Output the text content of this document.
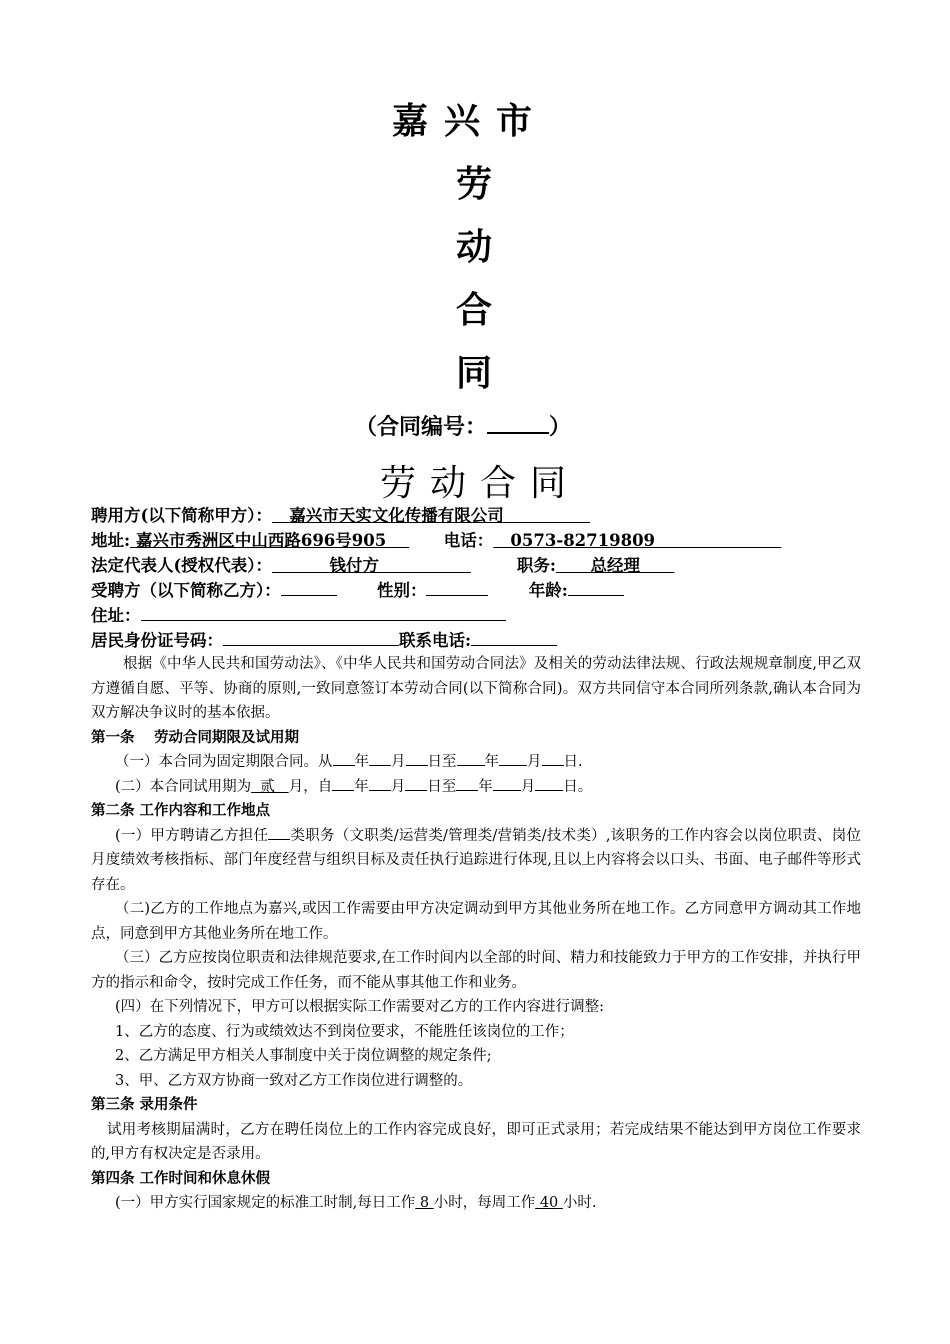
嘉兴市
劳
动
合
同
（合同编号：	）
劳动合同
聘用方(以下简称甲方）： 嘉兴市天实文化传播有限公司
地址: 嘉兴市秀洲区中山西路696号905	电话： 0573-82719809
法定代表人(授权代表）：	钱付方	职务: 总经理
受聘方（以下简称乙方）：	性别：	年龄:
住址：
居民身份证号码：	联系电话:
根据《中华人民共和国劳动法》、《中华人民共和国劳动合同法》及相关的劳动法律法规、行政法规规章制度,甲乙双方遵循自愿、平等、协商的原则,一致同意签订本劳动合同(以下简称合同)。双方共同信守本合同所列条款,确认本合同为双方解决争议时的基本依据。
第一条　 劳动合同期限及试用期
（一）本合同为固定期限合同。从 年 月 日至 年 月 日.
(二）本合同试用期为 贰 月，自 年 月 日至 年 月 日。
第二条 工作内容和工作地点
(一）甲方聘请乙方担任 类职务（文职类/运营类/管理类/营销类/技术类）,该职务的工作内容会以岗位职责、岗位月度绩效考核指标、部门年度经营与组织目标及责任执行追踪进行体现,且以上内容将会以口头、书面、电子邮件等形式存在。
（二)乙方的工作地点为嘉兴,或因工作需要由甲方决定调动到甲方其他业务所在地工作。乙方同意甲方调动其工作地点，同意到甲方其他业务所在地工作。
（三）乙方应按岗位职责和法律规范要求,在工作时间内以全部的时间、精力和技能致力于甲方的工作安排，并执行甲方的指示和命令，按时完成工作任务，而不能从事其他工作和业务。
(四）在下列情况下，甲方可以根据实际工作需要对乙方的工作内容进行调整:
1、乙方的态度、行为或绩效达不到岗位要求，不能胜任该岗位的工作；
2、乙方满足甲方相关人事制度中关于岗位调整的规定条件;
3、甲、乙方双方协商一致对乙方工作岗位进行调整的。
第三条 录用条件
试用考核期届满时，乙方在聘任岗位上的工作内容完成良好，即可正式录用；若完成结果不能达到甲方岗位工作要求的,甲方有权决定是否录用。
第四条 工作时间和休息休假
(一）甲方实行国家规定的标准工时制,每日工作 8 小时，每周工作 40 小时.
